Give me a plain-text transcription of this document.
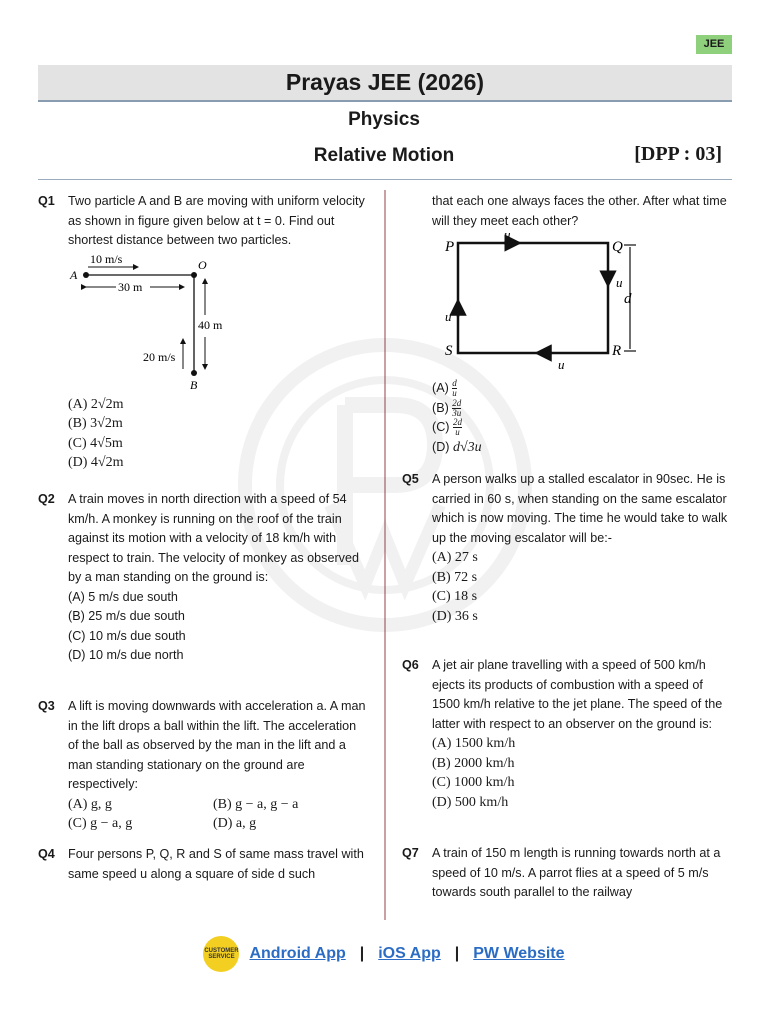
JEE
Prayas JEE (2026)
Physics
Relative Motion	[DPP : 03]
Q1 Two particle A and B are moving with uniform velocity as shown in figure given below at t = 0. Find out shortest distance between two particles.
10 m/s
A
O
30 m
B
40 m
20 m/s
(A) 2√2m
(B) 3√2m
(C) 4√5m
(D) 4√2m
Q2 A train moves in north direction with a speed of 54 km/h. A monkey is running on the roof of the train against its motion with a velocity of 18 km/h with respect to train. The velocity of monkey as observed by a man standing on the ground is:
(A) 5 m/s due south
(B) 25 m/s due south
(C) 10 m/s due south
(D) 10 m/s due north
Q3 A lift is moving downwards with acceleration a. A man in the lift drops a ball within the lift. The acceleration of the ball as observed by the man in the lift and a man standing stationary on the ground are respectively:
(A) g, g	(B) g − a, g − a
(C) g − a, g	(D) a, g
Q4 Four persons P, Q, R and S of same mass travel with same speed u along a square of side d such
that each one always faces the other. After what time will they meet each other?
P	Q
R
S
u
u
u
u
d
$(A) \frac{d}{u}$
$(B) \frac{2d}{3u}$
$(C) \frac{2d}{u}$
(D) d√3u
Q5 A person walks up a stalled escalator in 90sec. He is carried in 60 s, when standing on the same escalator which is now moving. The time he would take to walk up the moving escalator will be:-
(A) 27 s
(B) 72 s
(C) 18 s
(D) 36 s
Q6 A jet air plane travelling with a speed of 500 km/h ejects its products of combustion with a speed of 1500 km/h relative to the jet plane. The speed of the latter with respect to an observer on the ground is:
(A) 1500 km/h
(B) 2000 km/h
(C) 1000 km/h
(D) 500 km/h
Q7 A train of 150 m length is running towards north at a speed of 10 m/s. A parrot flies at a speed of 5 m/s towards south parallel to the railway
CUSTOMER SERVICE Android App | iOS App | PW Website
